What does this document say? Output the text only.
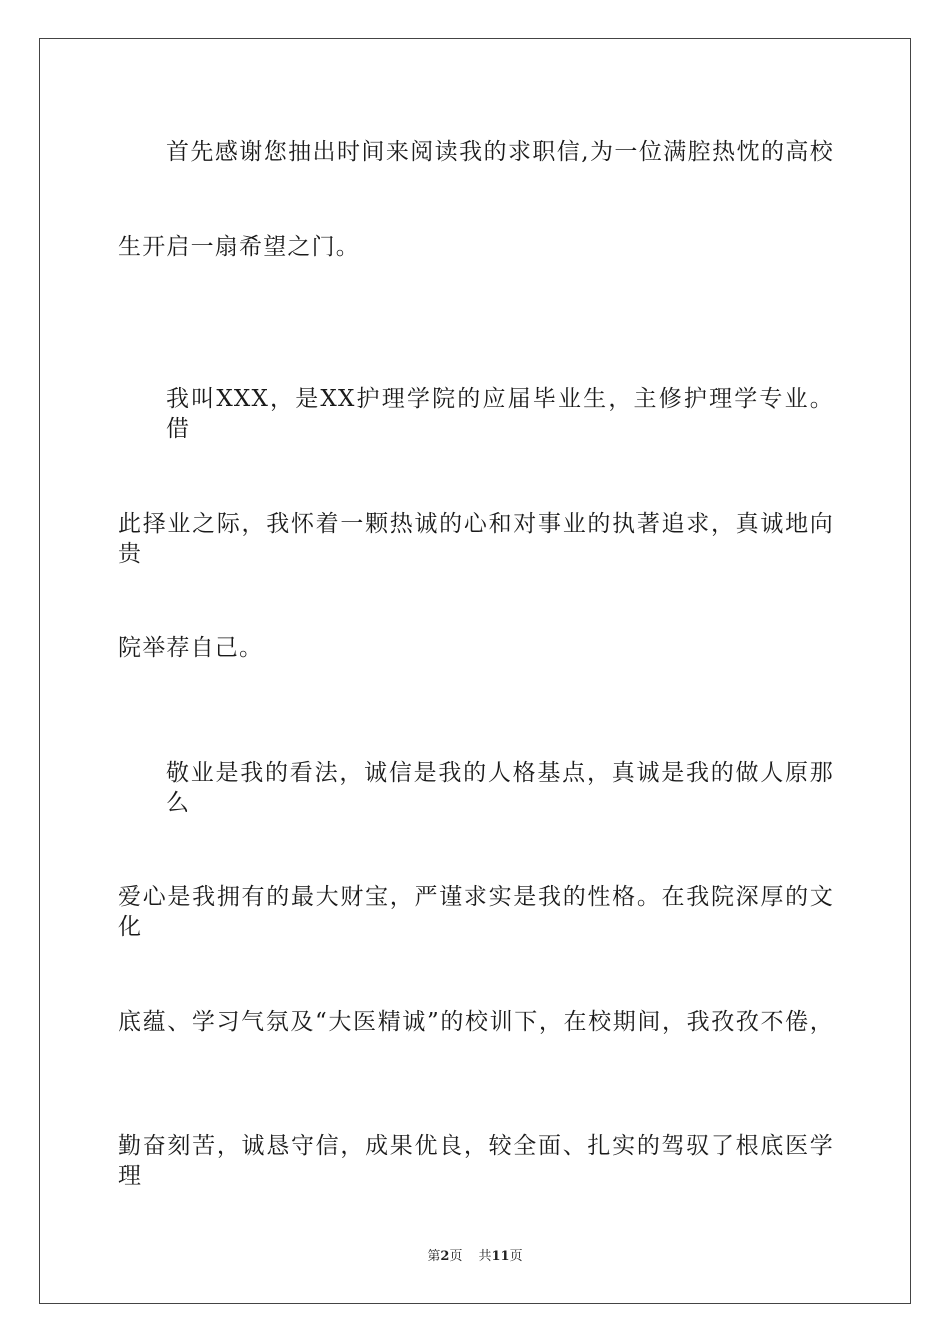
首先感谢您抽出时间来阅读我的求职信,为一位满腔热忱的高校
生开启一扇希望之门。
我叫XXX，是XX护理学院的应届毕业生，主修护理学专业。借
此择业之际，我怀着一颗热诚的心和对事业的执著追求，真诚地向贵
院举荐自己。
敬业是我的看法，诚信是我的人格基点，真诚是我的做人原那么
爱心是我拥有的最大财宝，严谨求实是我的性格。在我院深厚的文化
底蕴、学习气氛及“大医精诚”的校训下，在校期间，我孜孜不倦，
勤奋刻苦，诚恳守信，成果优良，较全面、扎实的驾驭了根底医学理
第2页 共11页
